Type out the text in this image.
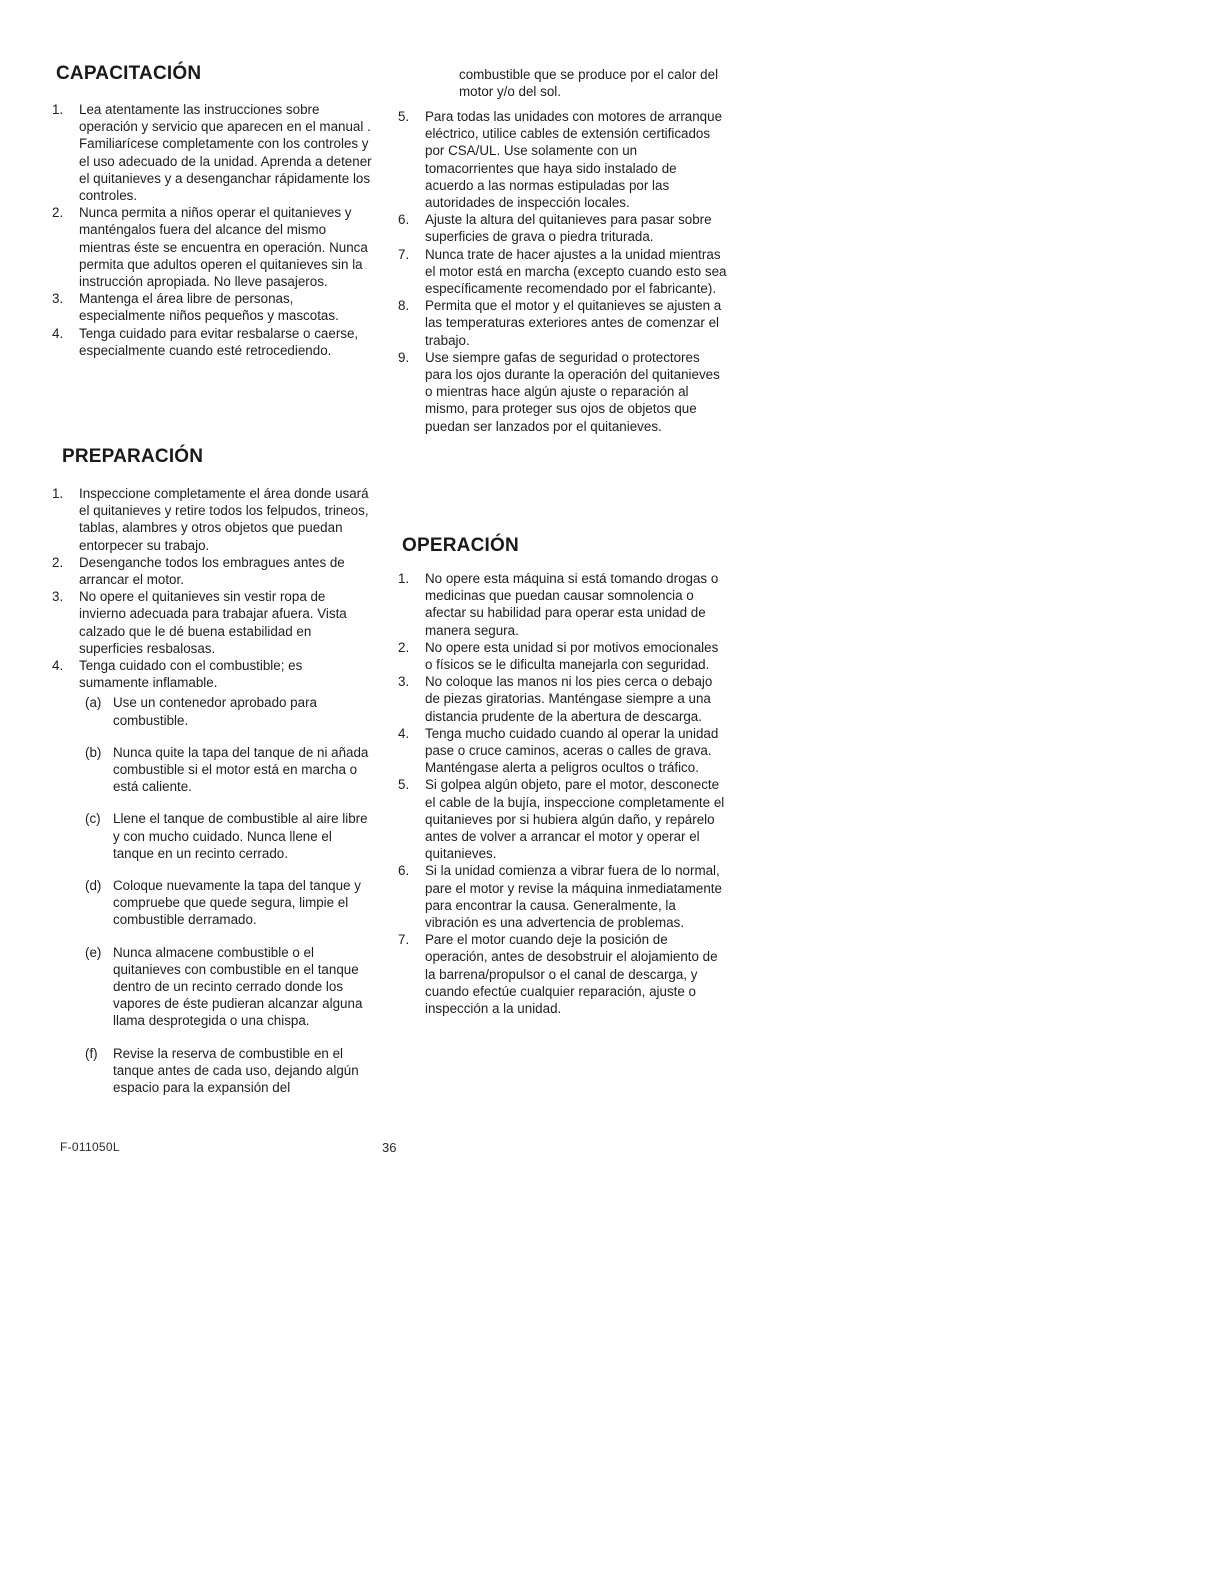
CAPACITACIÓN
1.	Lea atentamente las instrucciones sobre operación y servicio que aparecen en el manual . Familiarícese completamente con los controles y el uso adecuado de la unidad. Aprenda a detener el quitanieves y a desenganchar rápidamente los controles.
2.	Nunca permita a niños operar el quitanieves y manténgalos fuera del alcance del mismo mientras éste se encuentra en operación. Nunca permita que adultos operen el quitanieves sin la instrucción apropiada. No lleve pasajeros.
3.	Mantenga el área libre de personas, especialmente niños pequeños y mascotas.
4.	Tenga cuidado para evitar resbalarse o caerse, especialmente cuando esté retrocediendo.
PREPARACIÓN
1.	Inspeccione completamente el área donde usará el quitanieves y retire todos los felpudos, trineos, tablas, alambres y otros objetos que puedan entorpecer su trabajo.
2.	Desenganche todos los embragues antes de arrancar el motor.
3.	No opere el quitanieves sin vestir ropa de invierno adecuada para trabajar afuera. Vista calzado que le dé buena estabilidad en superficies resbalosas.
4.	Tenga cuidado con el combustible; es sumamente inflamable.
(a) Use un contenedor aprobado para combustible.
(b) Nunca quite la tapa del tanque de ni añada combustible si el motor está en marcha o está caliente.
(c) Llene el tanque de combustible al aire libre y con mucho cuidado. Nunca llene el tanque en un recinto cerrado.
(d) Coloque nuevamente la tapa del tanque y compruebe que quede segura, limpie el combustible derramado.
(e) Nunca almacene combustible o el quitanieves con combustible en el tanque dentro de un recinto cerrado donde los vapores de éste pudieran alcanzar alguna llama desprotegida o una chispa.
(f) Revise la reserva de combustible en el tanque antes de cada uso, dejando algún espacio para la expansión del

combustible que se produce por el calor del motor y/o del sol.

5.	Para todas las unidades con motores de arranque eléctrico, utilice cables de extensión certificados por CSA/UL. Use solamente con un tomacorrientes que haya sido instalado de acuerdo a las normas estipuladas por las autoridades de inspección locales.
6.	Ajuste la altura del quitanieves para pasar sobre superficies de grava o piedra triturada.
7.	Nunca trate de hacer ajustes a la unidad mientras el motor está en marcha (excepto cuando esto sea específicamente recomendado por el fabricante).
8.	Permita que el motor y el quitanieves se ajusten a las temperaturas exteriores antes de comenzar el trabajo.
9.	Use siempre gafas de seguridad o protectores para los ojos durante la operación del quitanieves o mientras hace algún ajuste o reparación al mismo, para proteger sus ojos de objetos que puedan ser lanzados por el quitanieves.
OPERACIÓN
1.	No opere esta máquina si está tomando drogas o medicinas que puedan causar somnolencia o afectar su habilidad para operar esta unidad de manera segura.
2.	No opere esta unidad si por motivos emocionales o físicos se le dificulta manejarla con seguridad.
3.	No coloque las manos ni los pies cerca o debajo de piezas giratorias. Manténgase siempre a una distancia prudente de la abertura de descarga.
4.	Tenga mucho cuidado cuando al operar la unidad pase o cruce caminos, aceras o calles de grava. Manténgase alerta a peligros ocultos o tráfico.
5.	Si golpea algún objeto, pare el motor, desconecte el cable de la bujía, inspeccione completamente el quitanieves por si hubiera algún daño, y repárelo antes de volver a arrancar el motor y operar el quitanieves.
6.	Si la unidad comienza a vibrar fuera de lo normal, pare el motor y revise la máquina inmediatamente para encontrar la causa. Generalmente, la vibración es una advertencia de problemas.
7.	Pare el motor cuando deje la posición de operación, antes de desobstruir el alojamiento de la barrena/propulsor o el canal de descarga, y cuando efectúe cualquier reparación, ajuste o inspección a la unidad.
F-011050L	36
